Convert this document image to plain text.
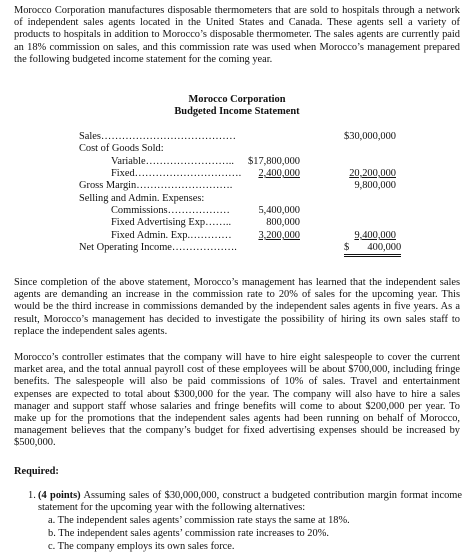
Morocco Corporation manufactures disposable thermometers that are sold to hospitals through a network of independent sales agents located in the United States and Canada. These agents sell a variety of products to hospitals in addition to Morocco’s disposable thermometer. The sales agents are currently paid an 18% commission on sales, and this commission rate was used when Morocco’s management prepared the following budgeted income statement for the coming year.

Morocco Corporation
Budgeted Income Statement
Sales…………………………………	$30,000,000
Cost of Goods Sold:
Variable……………………..	$17,800,000
Fixed………………………….	2,400,000	20,200,000
Gross Margin……………………….	9,800,000
Selling and Admin. Expenses:
Commissions………………	5,400,000
Fixed Advertising Exp……..	800,000
Fixed Admin. Exp.…………	3,200,000	9,400,000
Net Operating Income……………….	$ 400,000

Since completion of the above statement, Morocco’s management has learned that the independent sales agents are demanding an increase in the commission rate to 20% of sales for the upcoming year. This would be the third increase in commissions demanded by the independent sales agents in five years. As a result, Morocco’s management has decided to investigate the possibility of hiring its own sales staff to replace the independent sales agents.

Morocco’s controller estimates that the company will have to hire eight salespeople to cover the current market area, and the total annual payroll cost of these employees will be about $700,000, including fringe benefits. The salespeople will also be paid commissions of 10% of sales. Travel and entertainment expenses are expected to total about $300,000 for the year. The company will also have to hire a sales manager and support staff whose salaries and fringe benefits will come to about $200,000 per year. To make up for the promotions that the independent sales agents had been running on behalf of Morocco, management believes that the company’s budget for fixed advertising expenses should be increased by $500,000.

Required:
1. (4 points) Assuming sales of $30,000,000, construct a budgeted contribution margin format income statement for the upcoming year with the following alternatives:
a. The independent sales agents’ commission rate stays the same at 18%.
b. The independent sales agents’ commission rate increases to 20%.
c. The company employs its own sales force.
